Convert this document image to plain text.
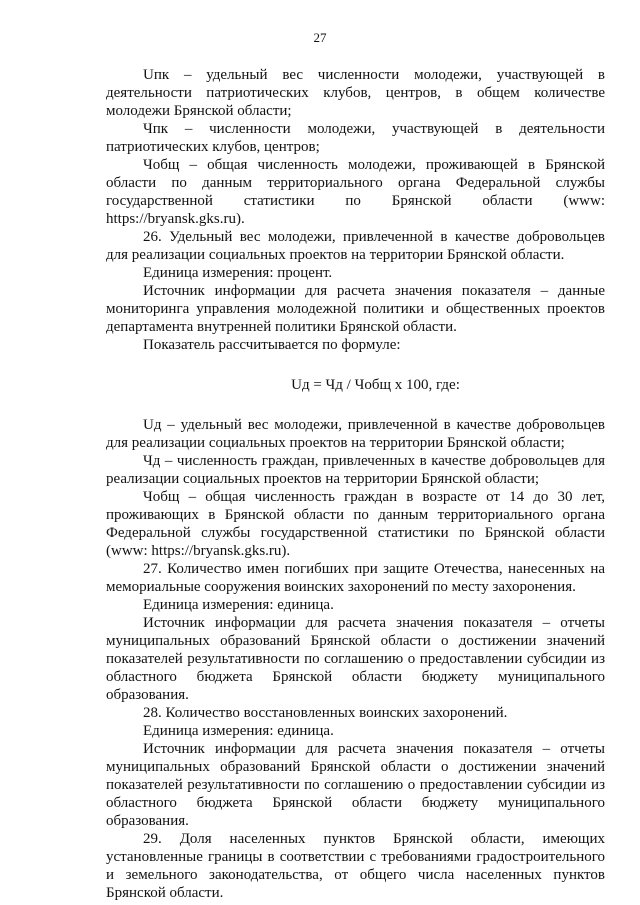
27

Uпк – удельный вес численности молодежи, участвующей в деятельности патриотических клубов, центров, в общем количестве молодежи Брянской области;

Чпк – численности молодежи, участвующей в деятельности патриотических клубов, центров;

Чобщ – общая численность молодежи, проживающей в Брянской области по данным территориального органа Федеральной службы государственной статистики по Брянской области (www: https://bryansk.gks.ru).

26. Удельный вес молодежи, привлеченной в качестве добровольцев для реализации социальных проектов на территории Брянской области.

Единица измерения: процент.

Источник информации для расчета значения показателя – данные мониторинга управления молодежной политики и общественных проектов департамента внутренней политики Брянской области.

Показатель рассчитывается по формуле:

Uд = Чд / Чобщ х 100, где:

Uд – удельный вес молодежи, привлеченной в качестве добровольцев для реализации социальных проектов на территории Брянской области;

Чд – численность граждан, привлеченных в качестве добровольцев для реализации социальных проектов на территории Брянской области;

Чобщ – общая численность граждан в возрасте от 14 до 30 лет, проживающих в Брянской области по данным территориального органа Федеральной службы государственной статистики по Брянской области (www: https://bryansk.gks.ru).

27. Количество имен погибших при защите Отечества, нанесенных на мемориальные сооружения воинских захоронений по месту захоронения.

Единица измерения: единица.

Источник информации для расчета значения показателя – отчеты муниципальных образований Брянской области о достижении значений показателей результативности по соглашению о предоставлении субсидии из областного бюджета Брянской области бюджету муниципального образования.

28. Количество восстановленных воинских захоронений.

Единица измерения: единица.

Источник информации для расчета значения показателя – отчеты муниципальных образований Брянской области о достижении значений показателей результативности по соглашению о предоставлении субсидии из областного бюджета Брянской области бюджету муниципального образования.

29. Доля населенных пунктов Брянской области, имеющих установленные границы в соответствии с требованиями градостроительного и земельного законодательства, от общего числа населенных пунктов Брянской области.
